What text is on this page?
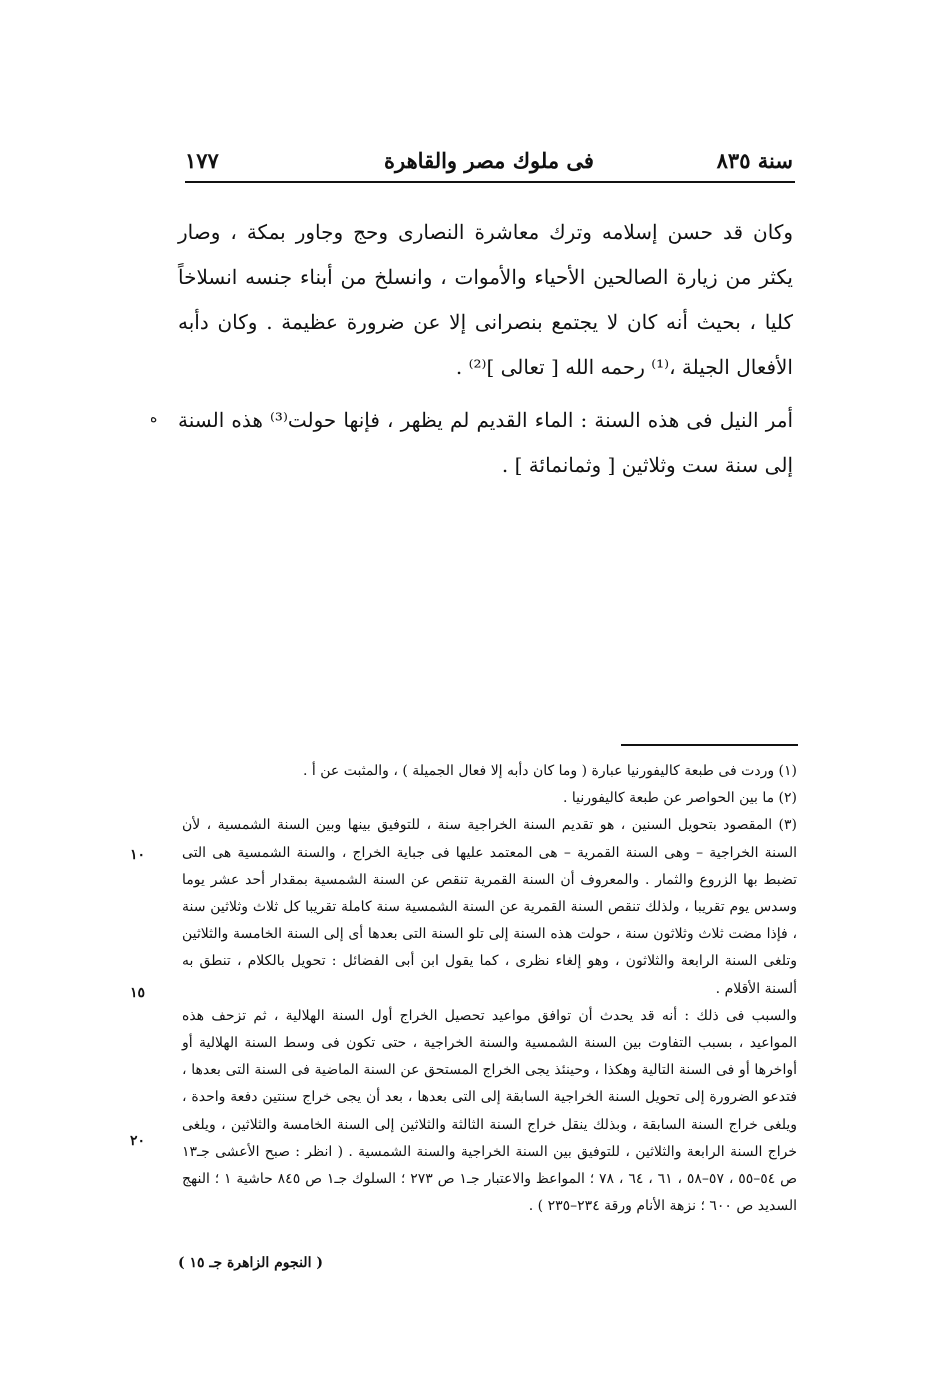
سنة ٨٣٥
فى ملوك مصر والقاهرة
١٧٧
وكان قد حسن إسلامه وترك معاشرة النصارى وحج وجاور بمكة ، وصار يكثر من زيارة الصالحين الأحياء والأموات ، وانسلخ من أبناء جنسه انسلاخاً كليا ، بحيث أنه كان لا يجتمع بنصرانى إلا عن ضرورة عظيمة . وكان دأبه الأفعال الجيلة ،⁽¹⁾ رحمه الله [ تعالى ]⁽²⁾ .
أمر النيل فى هذه السنة : الماء القديم لم يظهر ، فإنها حولت⁽³⁾ هذه السنة إلى سنة ست وثلاثين [ وثمانمائة ] .
ه
(١) وردت فى طبعة كاليفورنيا عبارة ( وما كان دأبه إلا فعال الجميلة ) ، والمثبت عن أ .
(٢) ما بين الحواصر عن طبعة كاليفورنيا .
(٣) المقصود بتحويل السنين ، هو تقديم السنة الخراجية سنة ، للتوفيق بينها وبين السنة الشمسية ، لأن السنة الخراجية – وهى السنة القمرية – هى المعتمد عليها فى جباية الخراج ، والسنة الشمسية هى التى تضبط بها الزروع والثمار . والمعروف أن السنة القمرية تنقص عن السنة الشمسية بمقدار أحد عشر يوما وسدس يوم تقريبا ، ولذلك تنقص السنة القمرية عن السنة الشمسية سنة كاملة تقريبا كل ثلاث وثلاثين سنة ، فإذا مضت ثلاث وثلاثون سنة ، حولت هذه السنة إلى تلو السنة التى بعدها أى إلى السنة الخامسة والثلاثين وتلغى السنة الرابعة والثلاثون ، وهو إلغاء نظرى ، كما يقول ابن أبى الفضائل : تحويل بالكلام ، تنطق به ألسنة الأقلام .
والسبب فى ذلك : أنه قد يحدث أن توافق مواعيد تحصيل الخراج أول السنة الهلالية ، ثم تزحف هذه المواعيد ، بسبب التفاوت بين السنة الشمسية والسنة الخراجية ، حتى تكون فى وسط السنة الهلالية أو أواخرها أو فى السنة التالية وهكذا ، وحينئذ يجى الخراج المستحق عن السنة الماضية فى السنة التى بعدها ، فتدعو الضرورة إلى تحويل السنة الخراجية السابقة إلى التى بعدها ، بعد أن يجى خراج سنتين دفعة واحدة ، ويلغى خراج السنة السابقة ، وبذلك ينقل خراج السنة الثالثة والثلاثين إلى السنة الخامسة والثلاثين ، ويلغى خراج السنة الرابعة والثلاثين ، للتوفيق بين السنة الخراجية والسنة الشمسية . ( انظر : صبح الأعشى جـ١٣ ص ٥٤–٥٥ ، ٥٧–٥٨ ، ٦١ ، ٦٤ ، ٧٨ ؛ المواعظ والاعتبار جـ١ ص ٢٧٣ ؛ السلوك جـ١ ص ٨٤٥ حاشية ١ ؛ النهج السديد ص ٦٠٠ ؛ نزهة الأنام ورقة ٢٣٤–٢٣٥ ) .
( النجوم الزاهرة جـ ١٥ )
١٠
١٥
٢٠
